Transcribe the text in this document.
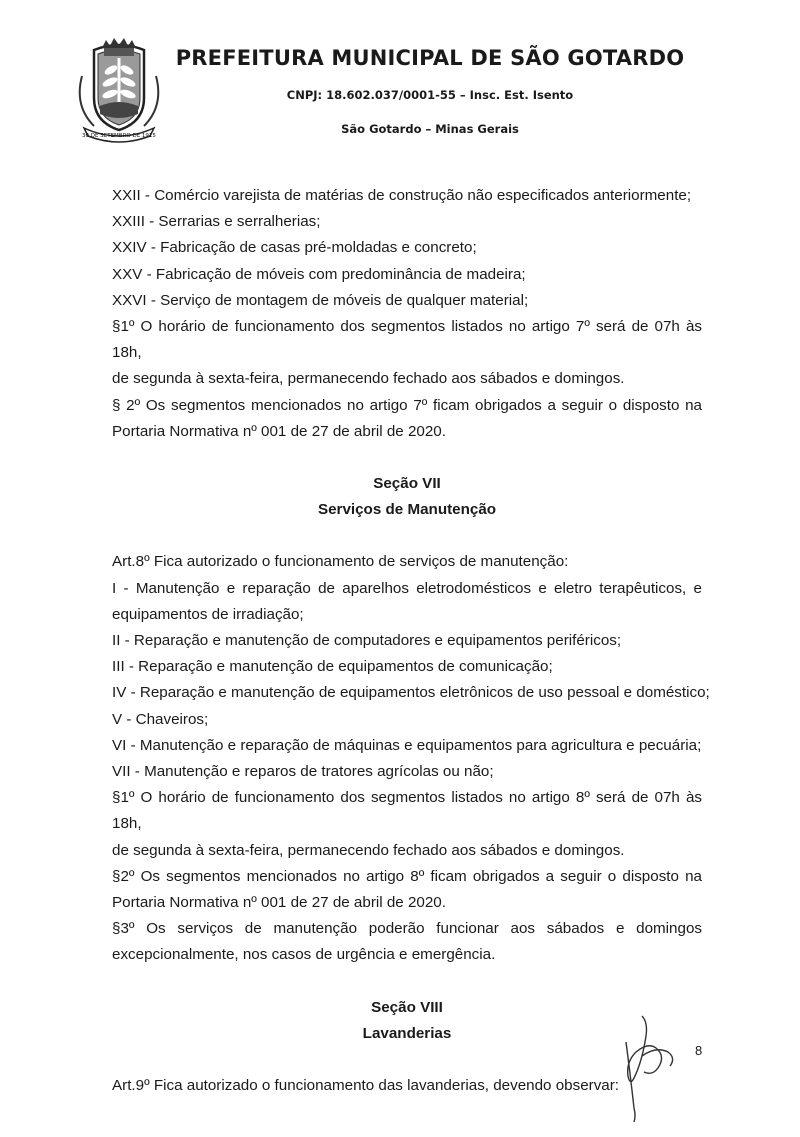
30 DE SETEMBRO DE 1915
PREFEITURA MUNICIPAL DE SÃO GOTARDO
CNPJ: 18.602.037/0001-55 – Insc. Est. Isento
São Gotardo – Minas Gerais
XXII - Comércio varejista de matérias de construção não especificados anteriormente;
XXIII - Serrarias e serralherias;
XXIV - Fabricação de casas pré-moldadas e concreto;
XXV - Fabricação de móveis com predominância de madeira;
XXVI - Serviço de montagem de móveis de qualquer material;
§1º O horário de funcionamento dos segmentos listados no artigo 7º será de 07h às 18h,
de segunda à sexta-feira, permanecendo fechado aos sábados e domingos.
§ 2º Os segmentos mencionados no artigo 7º ficam obrigados a seguir o disposto na
Portaria Normativa nº 001 de 27 de abril de 2020.
Seção VII
Serviços de Manutenção
Art.8º Fica autorizado o funcionamento de serviços de manutenção:
I - Manutenção e reparação de aparelhos eletrodomésticos e eletro terapêuticos, e
equipamentos de irradiação;
II - Reparação e manutenção de computadores e equipamentos periféricos;
III - Reparação e manutenção de equipamentos de comunicação;
IV - Reparação e manutenção de equipamentos eletrônicos de uso pessoal e doméstico;
V - Chaveiros;
VI - Manutenção e reparação de máquinas e equipamentos para agricultura e pecuária;
VII - Manutenção e reparos de tratores agrícolas ou não;
§1º O horário de funcionamento dos segmentos listados no artigo 8º será de 07h às 18h,
de segunda à sexta-feira, permanecendo fechado aos sábados e domingos.
§2º Os segmentos mencionados no artigo 8º ficam obrigados a seguir o disposto na
Portaria Normativa nº 001 de 27 de abril de 2020.
§3º Os serviços de manutenção poderão funcionar aos sábados e domingos
excepcionalmente, nos casos de urgência e emergência.
Seção VIII
Lavanderias
Art.9º Fica autorizado o funcionamento das lavanderias, devendo observar:
8
